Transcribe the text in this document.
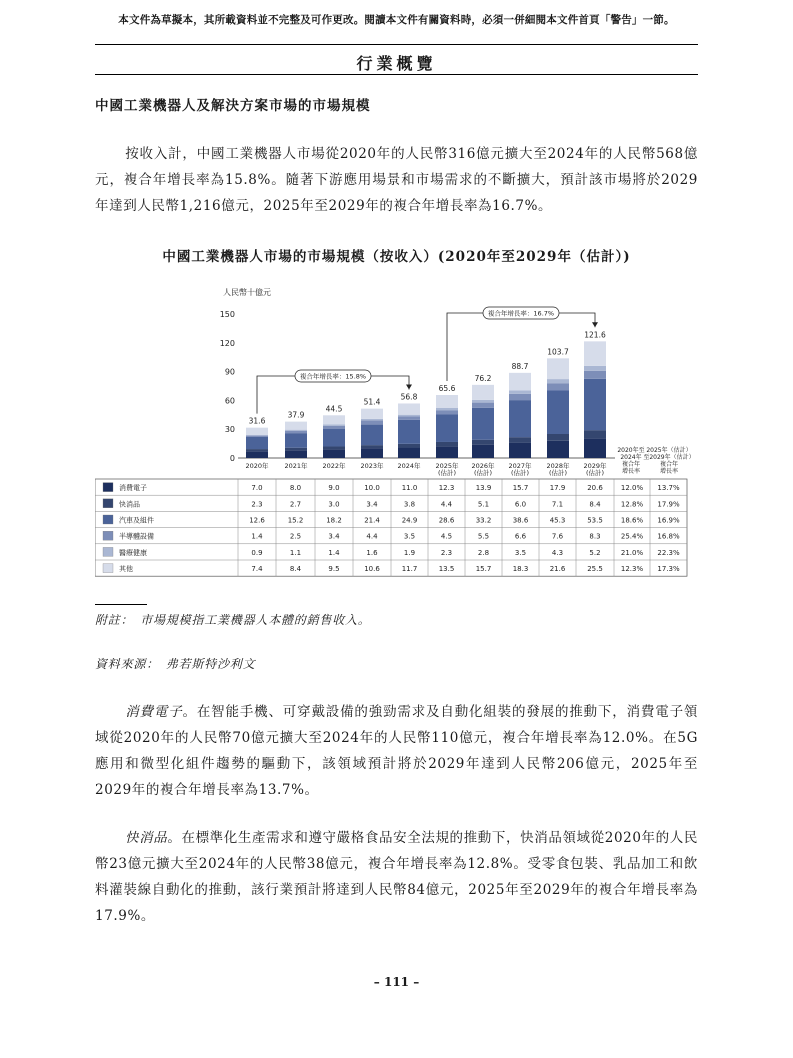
本文件為草擬本，其所載資料並不完整及可作更改。閱讀本文件有關資料時，必須一併細閱本文件首頁「警告」一節。
行業概覽
中國工業機器人及解決方案市場的市場規模
按收入計，中國工業機器人市場從2020年的人民幣316億元擴大至2024年的人民幣568億元，複合年增長率為15.8%。隨著下游應用場景和市場需求的不斷擴大，預計該市場將於2029年達到人民幣1,216億元，2025年至2029年的複合年增長率為16.7%。
中國工業機器人市場的市場規模（按收入）(2020年至2029年（估計）)
人民幣十億元
0
30
60
90
120
150
31.6
37.9
44.5
51.4
56.8
65.6
76.2
88.7
103.7
121.6
複合年增長率：15.8%
複合年增長率：16.7%
2020年 2021年 2022年 2023年 2024年 2025年
(估計)
2026年
(估計)
2027年
(估計)
2028年
(估計)
2029年
(估計)
2020年至
2024年
複合年
增長率
2025年（估計）
至2029年（估計）
複合年
增長率
消費電子	7.0	8.0	9.0	10.0	11.0	12.3	13.9	15.7	17.9	20.6	12.0% 13.7%
快消品	2.3	2.7	3.0	3.4	3.8	4.4	5.1	6.0	7.1	8.4	12.8% 17.9%
汽車及組件	12.6	15.2	18.2	21.4	24.9	28.6	33.2	38.6	45.3	53.5	18.6% 16.9%
半導體設備	1.4	2.5	3.4	4.4	3.5	4.5	5.5	6.6	7.6	8.3	25.4% 16.8%
醫療健康	0.9	1.1	1.4	1.6	1.9	2.3	2.8	3.5	4.3	5.2	21.0% 22.3%
其他	7.4	8.4	9.5	10.6	11.7	13.5	15.7	18.3	21.6	25.5	12.3% 17.3%
附註：　市場規模指工業機器人本體的銷售收入。
資料來源：　弗若斯特沙利文
消費電子。在智能手機、可穿戴設備的強勁需求及自動化組裝的發展的推動下，消費電子領域從2020年的人民幣70億元擴大至2024年的人民幣110億元，複合年增長率為12.0%。在5G應用和微型化組件趨勢的驅動下，該領域預計將於2029年達到人民幣206億元，2025年至2029年的複合年增長率為13.7%。
快消品。在標準化生產需求和遵守嚴格食品安全法規的推動下，快消品領域從2020年的人民幣23億元擴大至2024年的人民幣38億元，複合年增長率為12.8%。受零食包裝、乳品加工和飲料灌裝線自動化的推動，該行業預計將達到人民幣84億元，2025年至2029年的複合年增長率為17.9%。
– 111 –
